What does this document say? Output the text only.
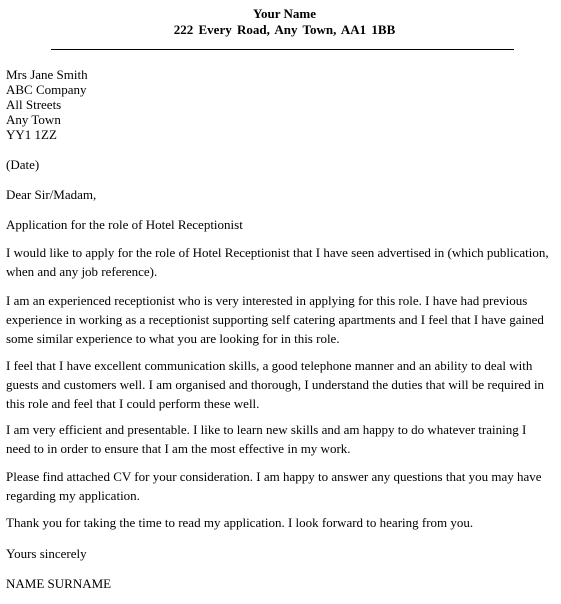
Your Name
222 Every Road, Any Town, AA1 1BB
Mrs Jane Smith
ABC Company
All Streets
Any Town
YY1 1ZZ
(Date)
Dear Sir/Madam,
Application for the role of Hotel Receptionist
I would like to apply for the role of Hotel Receptionist that I have seen advertised in (which publication, when and any job reference).
I am an experienced receptionist who is very interested in applying for this role. I have had previous experience in working as a receptionist supporting self catering apartments and I feel that I have gained some similar experience to what you are looking for in this role.
I feel that I have excellent communication skills, a good telephone manner and an ability to deal with guests and customers well. I am organised and thorough, I understand the duties that will be required in this role and feel that I could perform these well.
I am very efficient and presentable. I like to learn new skills and am happy to do whatever training I need to in order to ensure that I am the most effective in my work.
Please find attached CV for your consideration. I am happy to answer any questions that you may have regarding my application.
Thank you for taking the time to read my application. I look forward to hearing from you.
Yours sincerely
NAME SURNAME
